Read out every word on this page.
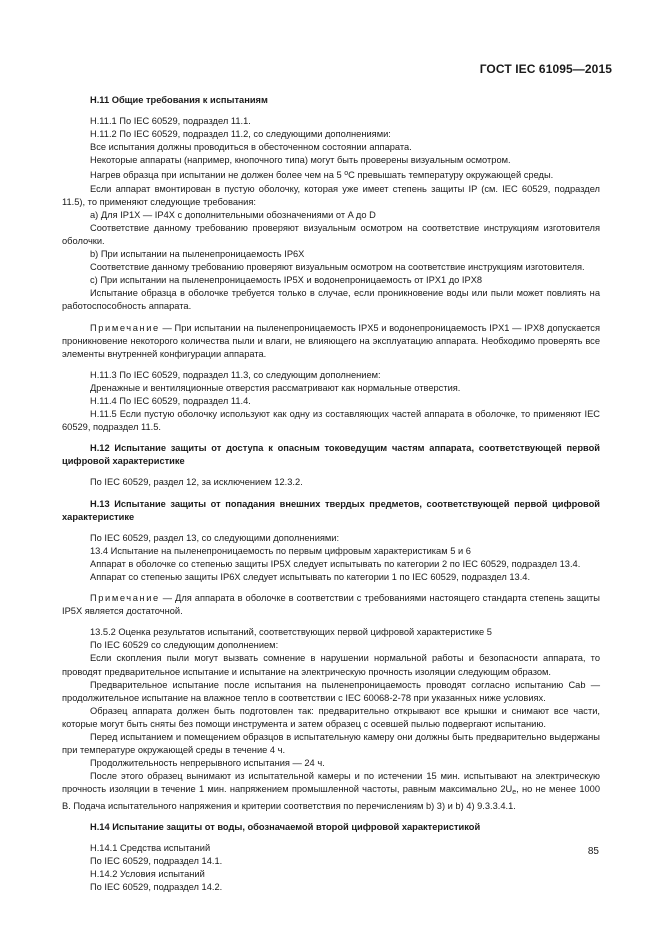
ГОСТ IEC 61095—2015

H.11 Общие требования к испытаниям

H.11.1 По IEC 60529, подраздел 11.1.

H.11.2 По IEC 60529, подраздел 11.2, со следующими дополнениями:

Все испытания должны проводиться в обесточенном состоянии аппарата.

Некоторые аппараты (например, кнопочного типа) могут быть проверены визуальным осмотром.

Нагрев образца при испытании не должен более чем на 5 $^o$C превышать температуру окружающей среды.

Если аппарат вмонтирован в пустую оболочку, которая уже имеет степень защиты IP (см. IEC 60529, подраздел 11.5), то применяют следующие требования:

a) Для IP1X — IP4X с дополнительными обозначениями от A до D

Соответствие данному требованию проверяют визуальным осмотром на соответствие инструкциям изготовителя оболочки.

b) При испытании на пыленепроницаемость IP6X

Соответствие данному требованию проверяют визуальным осмотром на соответствие инструкциям изготовителя.

c) При испытании на пыленепроницаемость IP5X и водонепроницаемость от IPX1 до IPX8

Испытание образца в оболочке требуется только в случае, если проникновение воды или пыли может повлиять на работоспособность аппарата.

Примечание — При испытании на пыленепроницаемость IPX5 и водонепроницаемость IPX1 — IPX8 допускается проникновение некоторого количества пыли и влаги, не влияющего на эксплуатацию аппарата. Необходимо проверять все элементы внутренней конфигурации аппарата.

H.11.3 По IEC 60529, подраздел 11.3, со следующим дополнением:

Дренажные и вентиляционные отверстия рассматривают как нормальные отверстия.

H.11.4 По IEC 60529, подраздел 11.4.

H.11.5 Если пустую оболочку используют как одну из составляющих частей аппарата в оболочке, то применяют IEC 60529, подраздел 11.5.

H.12 Испытание защиты от доступа к опасным токоведущим частям аппарата, соответствующей первой цифровой характеристике

По IEC 60529, раздел 12, за исключением 12.3.2.

H.13 Испытание защиты от попадания внешних твердых предметов, соответствующей первой цифровой характеристике

По IEC 60529, раздел 13, со следующими дополнениями:

13.4 Испытание на пыленепроницаемость по первым цифровым характеристикам 5 и 6

Аппарат в оболочке со степенью защиты IP5X следует испытывать по категории 2 по IEC 60529, подраздел 13.4.

Аппарат со степенью защиты IP6X следует испытывать по категории 1 по IEC 60529, подраздел 13.4.

Примечание — Для аппарата в оболочке в соответствии с требованиями настоящего стандарта степень защиты IP5X является достаточной.

13.5.2 Оценка результатов испытаний, соответствующих первой цифровой характеристике 5

По IEC 60529 со следующим дополнением:

Если скопления пыли могут вызвать сомнение в нарушении нормальной работы и безопасности аппарата, то проводят предварительное испытание и испытание на электрическую прочность изоляции следующим образом.

Предварительное испытание после испытания на пыленепроницаемость проводят согласно испытанию Cab — продолжительное испытание на влажное тепло в соответствии с IEC 60068-2-78 при указанных ниже условиях.

Образец аппарата должен быть подготовлен так: предварительно открывают все крышки и снимают все части, которые могут быть сняты без помощи инструмента и затем образец с осевшей пылью подвергают испытанию.

Перед испытанием и помещением образцов в испытательную камеру они должны быть предварительно выдержаны при температуре окружающей среды в течение 4 ч.

Продолжительность непрерывного испытания — 24 ч.

После этого образец вынимают из испытательной камеры и по истечении 15 мин. испытывают на электрическую прочность изоляции в течение 1 мин. напряжением промышленной частоты, равным максимально $2U_e$, но не менее 1000 В. Подача испытательного напряжения и критерии соответствия по перечислениям b) 3) и b) 4) 9.3.3.4.1.

H.14 Испытание защиты от воды, обозначаемой второй цифровой характеристикой

H.14.1 Средства испытаний

По IEC 60529, подраздел 14.1.

H.14.2 Условия испытаний

По IEC 60529, подраздел 14.2.

85
